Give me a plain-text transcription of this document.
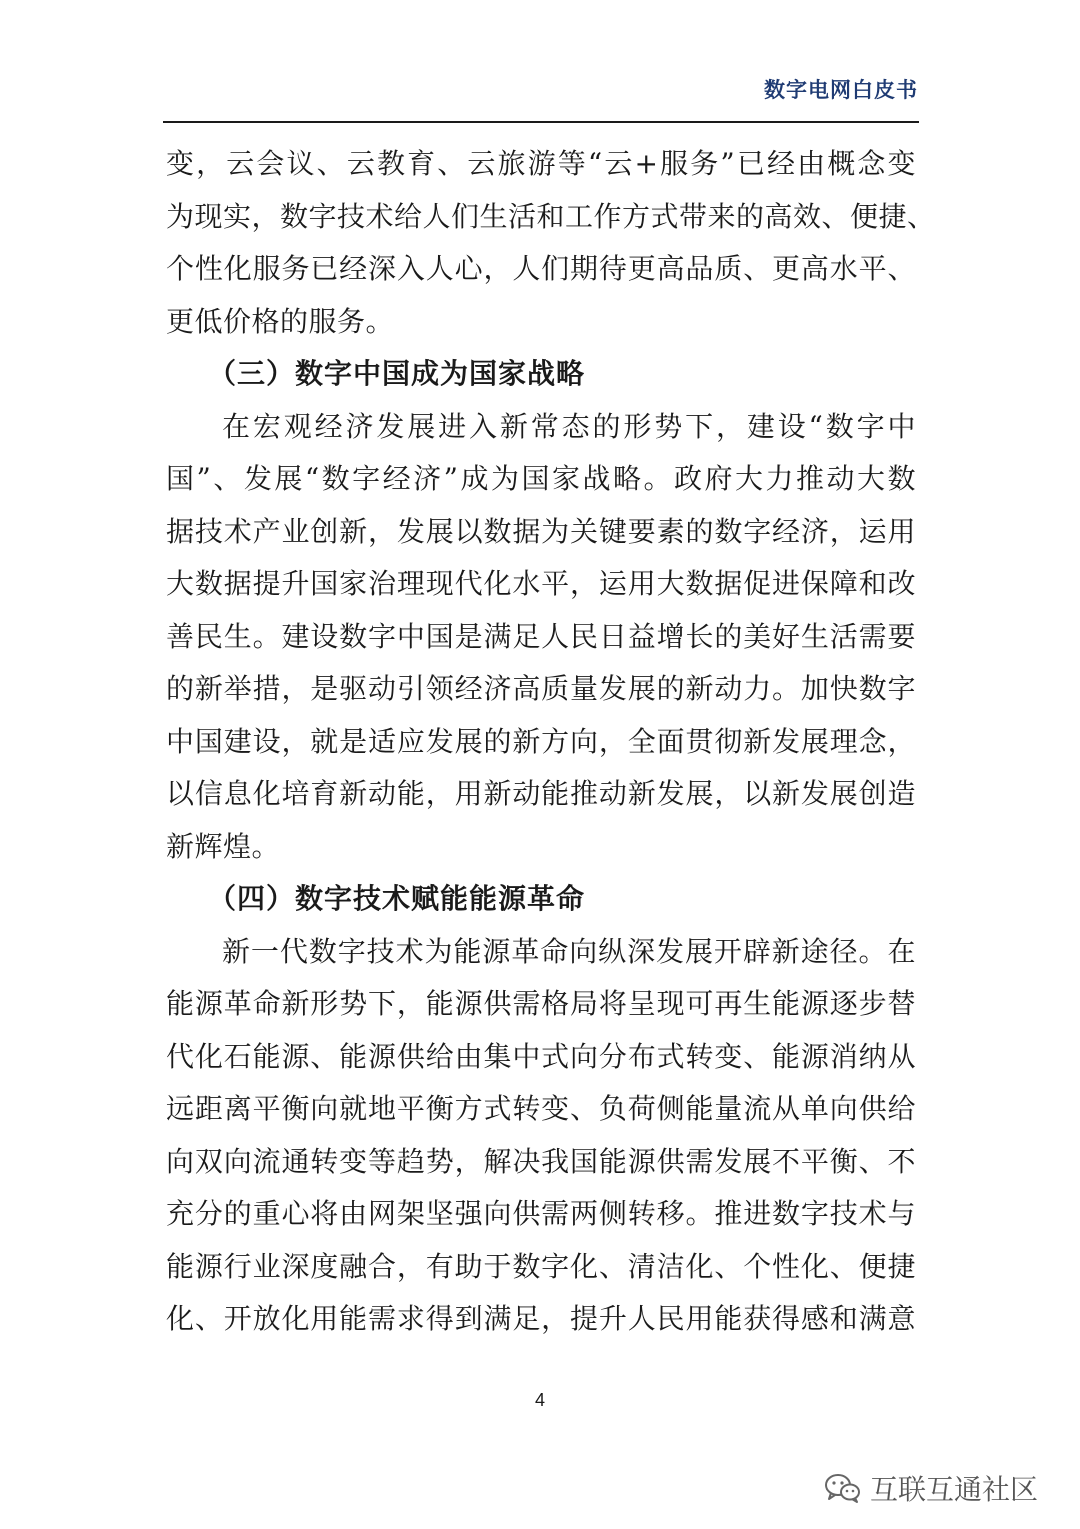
数字电网白皮书
变，云会议、云教育、云旅游等“云+服务”已经由概念变
为现实，数字技术给人们生活和工作方式带来的高效、便捷、
个性化服务已经深入人心，人们期待更高品质、更高水平、
更低价格的服务。
（三）数字中国成为国家战略
在宏观经济发展进入新常态的形势下，建设“数字中
国”、发展“数字经济”成为国家战略。政府大力推动大数
据技术产业创新，发展以数据为关键要素的数字经济，运用
大数据提升国家治理现代化水平，运用大数据促进保障和改
善民生。建设数字中国是满足人民日益增长的美好生活需要
的新举措，是驱动引领经济高质量发展的新动力。加快数字
中国建设，就是适应发展的新方向，全面贯彻新发展理念，
以信息化培育新动能，用新动能推动新发展，以新发展创造
新辉煌。
（四）数字技术赋能能源革命
新一代数字技术为能源革命向纵深发展开辟新途径。在
能源革命新形势下，能源供需格局将呈现可再生能源逐步替
代化石能源、能源供给由集中式向分布式转变、能源消纳从
远距离平衡向就地平衡方式转变、负荷侧能量流从单向供给
向双向流通转变等趋势，解决我国能源供需发展不平衡、不
充分的重心将由网架坚强向供需两侧转移。推进数字技术与
能源行业深度融合，有助于数字化、清洁化、个性化、便捷
化、开放化用能需求得到满足，提升人民用能获得感和满意
4
互联互通社区
